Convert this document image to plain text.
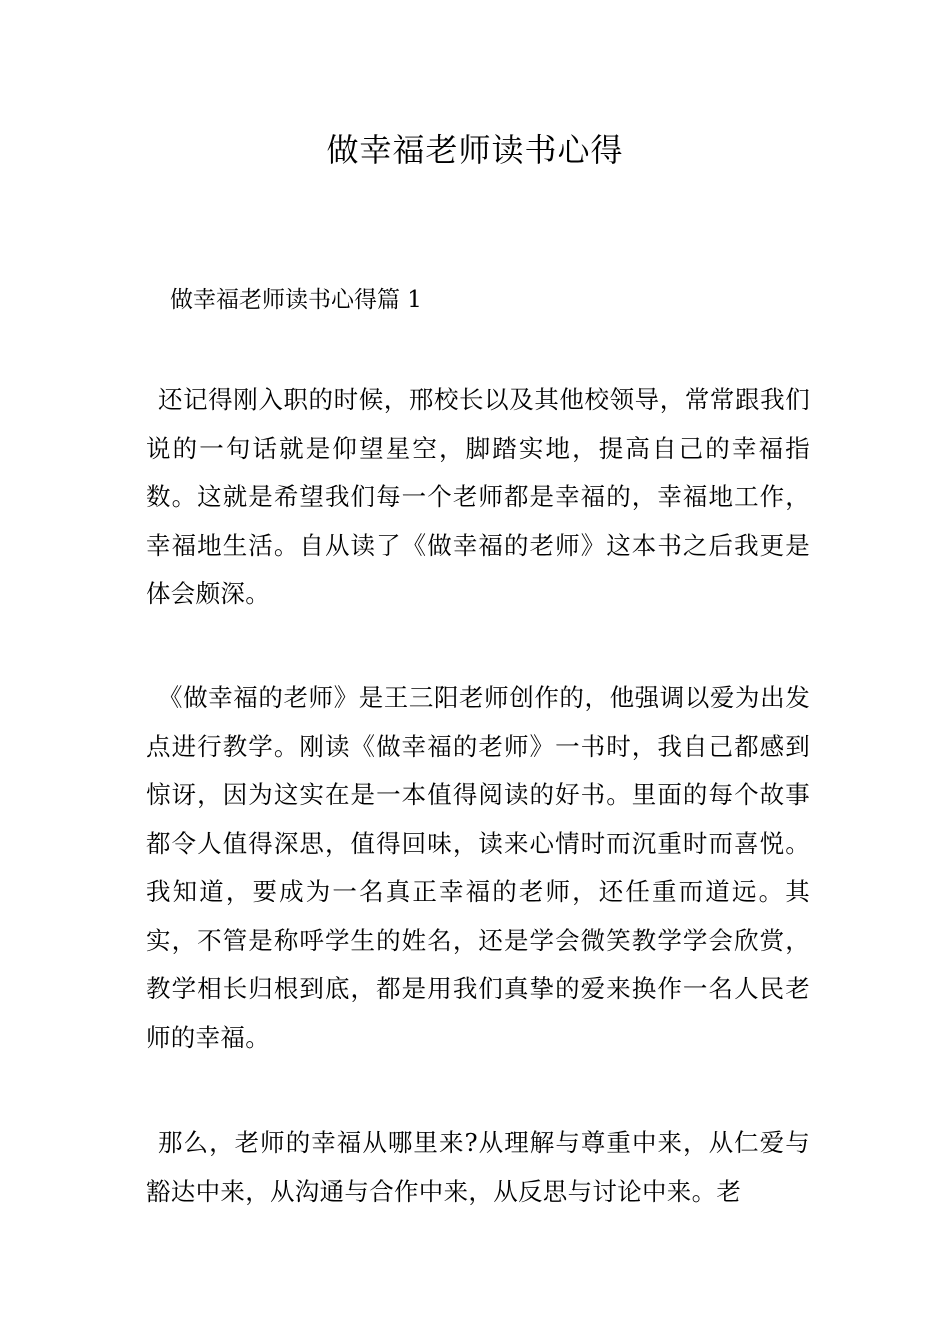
做幸福老师读书心得
做幸福老师读书心得篇 1

还记得刚入职的时候，邢校长以及其他校领导，常常跟我们说的一句话就是仰望星空，脚踏实地，提高自己的幸福指数。这就是希望我们每一个老师都是幸福的，幸福地工作，幸福地生活。自从读了《做幸福的老师》这本书之后我更是体会颇深。

《做幸福的老师》是王三阳老师创作的，他强调以爱为出发点进行教学。刚读《做幸福的老师》一书时，我自己都感到惊讶，因为这实在是一本值得阅读的好书。里面的每个故事都令人值得深思，值得回味，读来心情时而沉重时而喜悦。我知道，要成为一名真正幸福的老师，还任重而道远。其实，不管是称呼学生的姓名，还是学会微笑教学学会欣赏，教学相长归根到底，都是用我们真挚的爱来换作一名人民老师的幸福。

那么，老师的幸福从哪里来?从理解与尊重中来，从仁爱与豁达中来，从沟通与合作中来，从反思与讨论中来。老
